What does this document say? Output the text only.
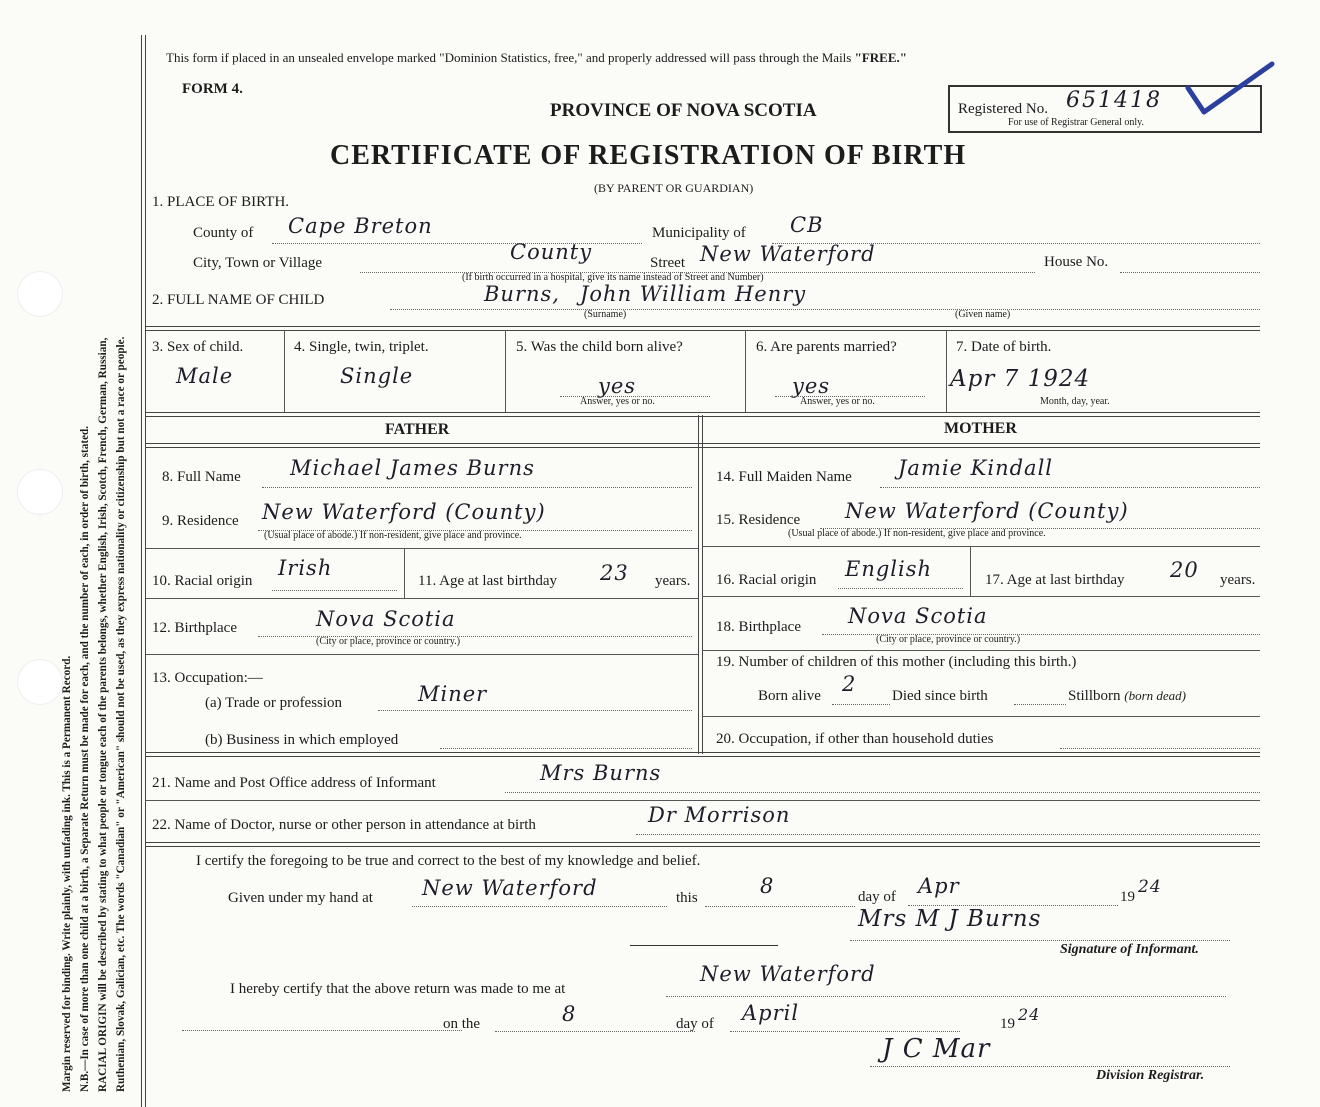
Margin reserved for binding. Write plainly, with unfading ink. This is a Permanent Record. N.B.—In case of more than one child at a birth, a Separate Return must be made for each, and the number of each, in order of birth, stated. RACIAL ORIGIN will be described by stating to what people or tongue each of the parents belongs, whether English, Irish, Scotch, French, German, Russian, Ruthenian, Slovak, Galician, etc. The words "Canadian" or "American" should not be used, as they express nationality or citizenship but not a race or people.
This form if placed in an unsealed envelope marked "Dominion Statistics, free," and properly addressed will pass through the Mails "FREE."
FORM 4.
PROVINCE OF NOVA SCOTIA
CERTIFICATE OF REGISTRATION OF BIRTH
(BY PARENT OR GUARDIAN)
Registered No. 651418
For use of Registrar General only.
1. PLACE OF BIRTH.
County of Cape Breton	Municipality of CB
City, Town or Village	County	Street New Waterford	House No.
(If birth occurred in a hospital, give its name instead of Street and Number)
2. FULL NAME OF CHILD	Burns, John William Henry
(Surname)	(Given name)
3. Sex of child.
Male
4. Single, twin, triplet.
Single
5. Was the child born alive?
yes
Answer, yes or no.
6. Are parents married?
yes
Answer, yes or no.
7. Date of birth.
Apr 7 1924
Month, day, year.
FATHER	MOTHER
8. Full Name Michael James Burns
9. Residence New Waterford (County)
(Usual place of abode.) If non-resident, give place and province.
10. Racial origin
Irish
11. Age at last birthday 23 years.
12. Birthplace	Nova Scotia
(City or place, province or country.)
13. Occupation:—
(a) Trade or profession	Miner
(b) Business in which employed
14. Full Maiden Name Jamie Kindall
15. Residence New Waterford (County)
(Usual place of abode.) If non-resident, give place and province.
16. Racial origin English	17. Age at last birthday 20 years.
18. Birthplace Nova Scotia
(City or place, province or country.)
19. Number of children of this mother (including this birth.)
Born alive 2 Died since birth	Stillborn (born dead)
20. Occupation, if other than household duties
21. Name and Post Office address of Informant	Mrs Burns
22. Name of Doctor, nurse or other person in attendance at birth	Dr Morrison
I certify the foregoing to be true and correct to the best of my knowledge and belief.
Given under my hand at New Waterford	this	8	day of Apr	19 24
Mrs M J Burns
Signature of Informant.
I hereby certify that the above return was made to me at
New Waterford
on the	8	day of April	19 24
J C Mar
Division Registrar.
